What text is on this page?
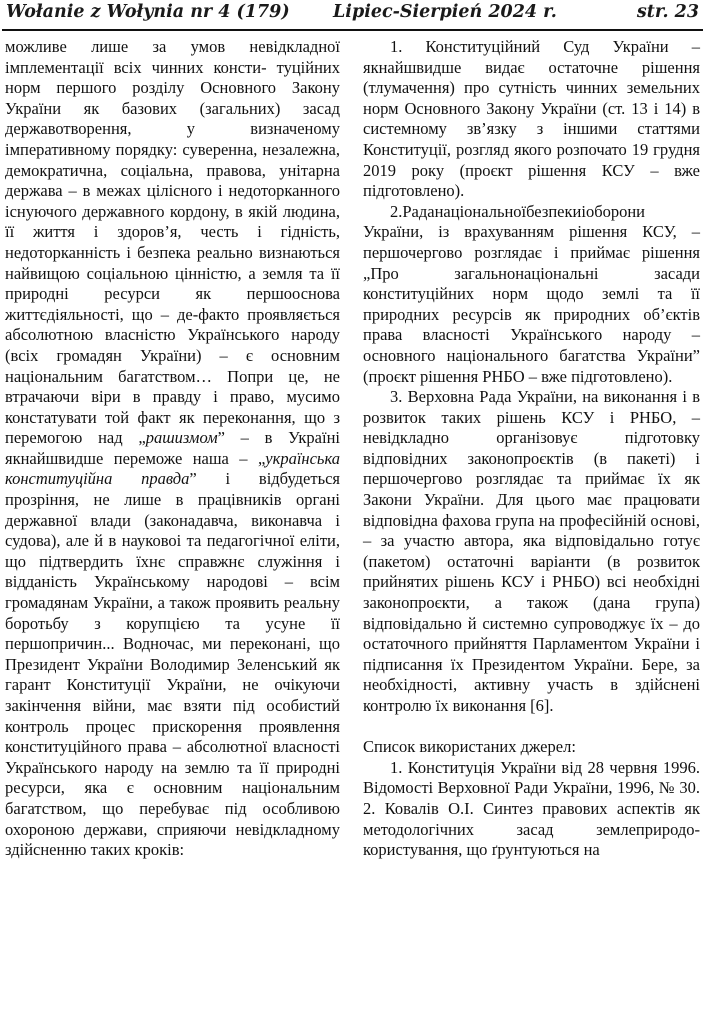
Wołanie z Wołynia nr 4 (179) Lipiec-Sierpień 2024 r.	str. 23

можливе лише за умов невідкладної імплементації всіх чинних консти- туційних норм першого розділу Основного Закону України як базових (загальних) засад державотворення, у	визначеному імперативному порядку: суверенна, незалежна, демократична, соціальна, правова, унітарна держава – в межах цілісного і недоторканного існуючого державного кордону, в якій людина, її життя і здоров’я, честь і гідність, недоторканність і безпека реально визнаються найвищою соціальною цінністю, а земля та її природні ресурси як першооснова життєдіяльності, що – де-факто проявляється абсолютною власністю Українського народу (всіх громадян України) – є основним національним багатством… Попри це, не втрачаючи віри в правду і право, мусимо констатувати той факт як переконання, що з перемогою над „рашизмом” – в Україні якнайшвидше переможе наша – „українська конституційна правда” і відбудеться прозріння, не лише в працівників органі державної влади (законадавча, виконавча і судова), але й в науковоі та педагогічної еліти, що підтвердить їхнє справжнє служіння і відданість Українському народові – всім громадянам України, а також проявить реальну боротьбу з корупцією та усуне її першопричин... Водночас, ми переконані, що Президент України Володимир Зеленський як гарант Конституції України, не очікуючи закінчення війни, має взяти під особистий контроль процес прискорення проявлення конституційного права – абсолютної власності Українського народу на землю та її природні ресурси, яка є основним національним багатством, що перебуває під особливою охороною держави, сприяючи невідкладному здійсненню таких кроків:

1. Конституційний Суд України – якнайшвидше видає остаточне рішення (тлумачення) про сутність чинних земельних норм Основного Закону України (ст. 13 і 14) в системному зв’язку з іншими статтями Конституції, розгляд якого розпочато 19 грудня 2019 року (проєкт рішення КСУ – вже підготовлено).

2.Раданаціональноїбезпекиіоборони України, із врахуванням рішення КСУ, – першочергово розглядає і приймає рішення „Про загальнонаціональні	засади конституційних норм щодо землі та її природних ресурсів як природних об’єктів права власності Українського народу – основного національного багатства України” (проєкт рішення РНБО – вже підготовлено).

3. Верховна Рада України, на виконання і в розвиток таких рішень КСУ і РНБО, – невідкладно організовує	підготовку відповідних законопроєктів (в пакеті) і першочергово розглядає та приймає їх як Закони України. Для цього має працювати відповідна фахова група на професійній основі, – за участю автора, яка відповідально готує (пакетом) остаточні варіанти (в розвиток прийнятих рішень КСУ і РНБО) всі необхідні законопроєкти, а також (дана група) відповідально й системно супроводжує їх – до остаточного прийняття Парламентом України і підписання їх Президентом України. Бере, за необхідності, активну участь в здійснені контролю їх виконання [6].

Список використаних джерел:

1. Конституція України від 28 червня 1996. Відомості Верховної Ради України, 1996, № 30. 2. Ковалів О.І. Синтез правових аспектів як методологічних засад землеприродо- користування, що ґрунтуються на
